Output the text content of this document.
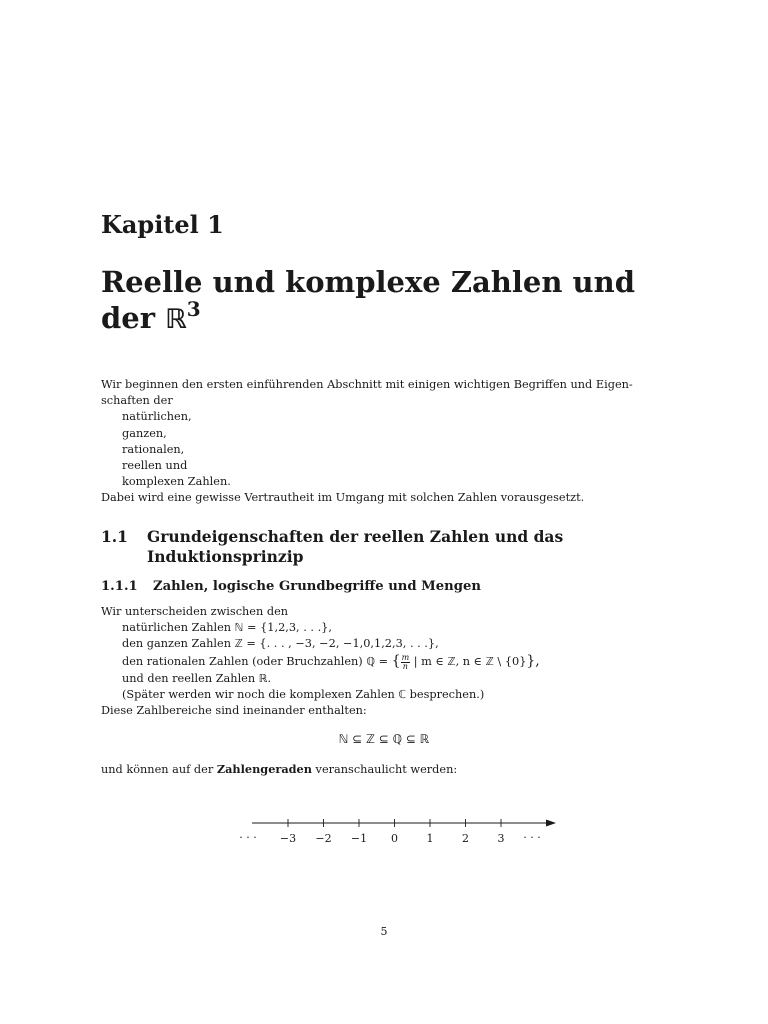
Kapitel 1
Reelle und komplexe Zahlen und
der ℝ$^3$
Wir beginnen den ersten einführenden Abschnitt mit einigen wichtigen Begriffen und Eigen-
schaften der
natürlichen,
ganzen,
rationalen,
reellen und
komplexen Zahlen.
Dabei wird eine gewisse Vertrautheit im Umgang mit solchen Zahlen vorausgesetzt.
1.1 Grundeigenschaften der reellen Zahlen und das
Induktionsprinzip
1.1.1 Zahlen, logische Grundbegriffe und Mengen
Wir unterscheiden zwischen den
natürlichen Zahlen ℕ = {1,2,3, . . .},
den ganzen Zahlen ℤ = {. . . , −3, −2, −1,0,1,2,3, . . .},
den rationalen Zahlen (oder Bruchzahlen) ℚ = { $\frac{m}{n}$ | m ∈ ℤ, n ∈ ℤ \ {0}},
und den reellen Zahlen ℝ.
(Später werden wir noch die komplexen Zahlen ℂ besprechen.)
Diese Zahlbereiche sind ineinander enthalten:
ℕ ⊆ ℤ ⊆ ℚ ⊆ ℝ
und können auf der Zahlengeraden veranschaulicht werden:
−3 −2 −1 0	1	2	3
· · ·	· · ·
5
